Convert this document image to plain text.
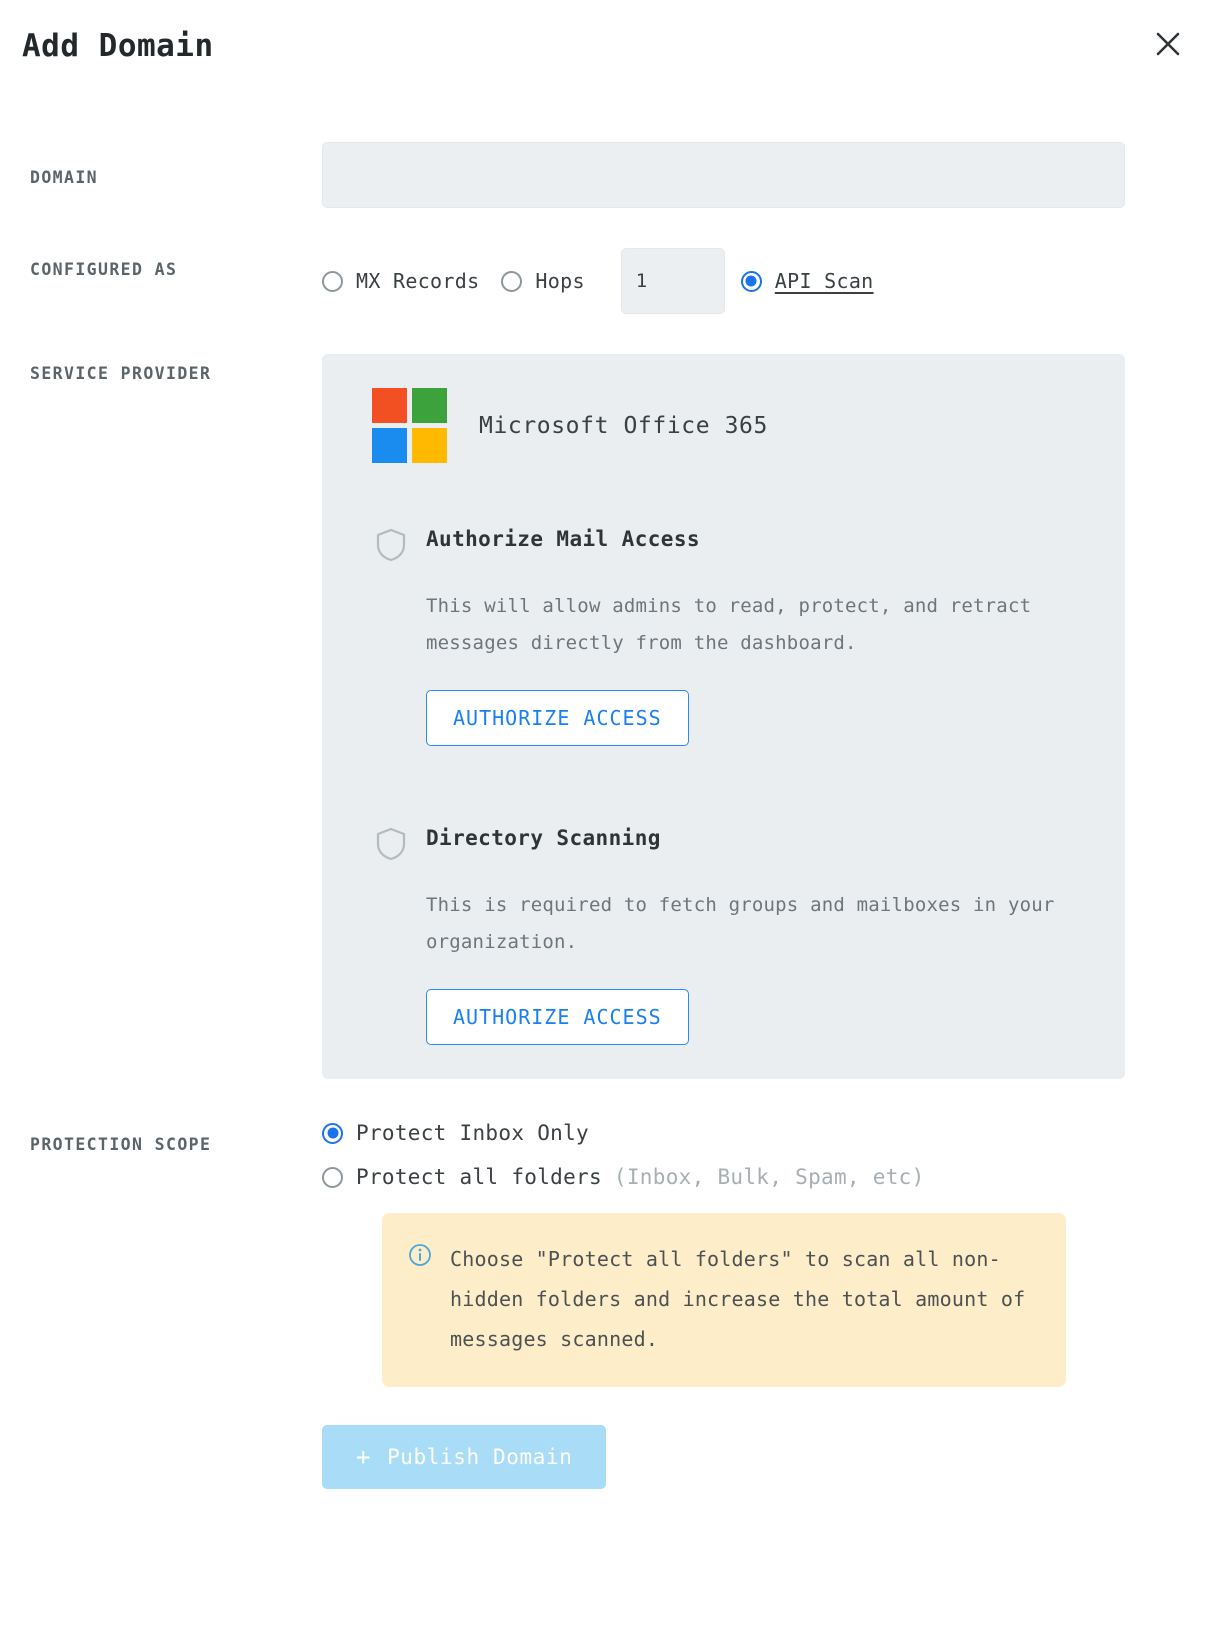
Add Domain
DOMAIN
CONFIGURED AS	MX Records	Hops
1	API Scan
SERVICE PROVIDER
Microsoft Office 365
Authorize Mail Access
This will allow admins to read, protect, and retract messages directly from the dashboard.
AUTHORIZE ACCESS
Directory Scanning
This is required to fetch groups and mailboxes in your organization.
AUTHORIZE ACCESS
PROTECTION SCOPE	Protect Inbox Only
Protect all folders (Inbox, Bulk, Spam, etc)
Choose "Protect all folders" to scan all non-hidden folders and increase the total amount of messages scanned.
+ Publish Domain
